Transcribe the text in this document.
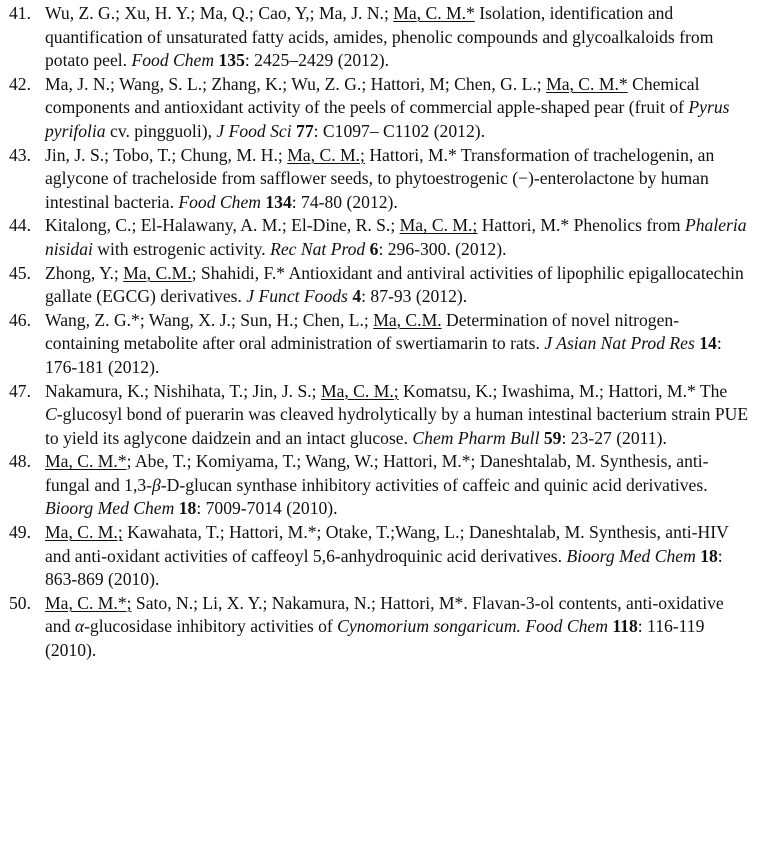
41. Wu, Z. G.; Xu, H. Y.; Ma, Q.; Cao, Y,; Ma, J. N.; Ma, C. M.* Isolation, identification and quantification of unsaturated fatty acids, amides, phenolic compounds and glycoalkaloids from potato peel. Food Chem 135: 2425–2429 (2012).

42. Ma, J. N.; Wang, S. L.; Zhang, K.; Wu, Z. G.; Hattori, M; Chen, G. L.; Ma, C. M.* Chemical components and antioxidant activity of the peels of commercial apple-shaped pear (fruit of Pyrus pyrifolia cv. pingguoli), J Food Sci 77: C1097– C1102 (2012).

43. Jin, J. S.; Tobo, T.; Chung, M. H.; Ma, C. M.; Hattori, M.* Transformation of trachelogenin, an aglycone of tracheloside from safflower seeds, to phytoestrogenic (−)-enterolactone by human intestinal bacteria. Food Chem 134: 74-80 (2012).

44. Kitalong, C.; El-Halawany, A. M.; El-Dine, R. S.; Ma, C. M.; Hattori, M.* Phenolics from Phaleria nisidai with estrogenic activity. Rec Nat Prod 6: 296-300. (2012).

45. Zhong, Y.; Ma, C.M.; Shahidi, F.* Antioxidant and antiviral activities of lipophilic epigallocatechin gallate (EGCG) derivatives. J Funct Foods 4: 87-93 (2012).

46. Wang, Z. G.*; Wang, X. J.; Sun, H.; Chen, L.; Ma, C.M. Determination of novel nitrogen-containing metabolite after oral administration of swertiamarin to rats. J Asian Nat Prod Res 14: 176-181 (2012).

47. Nakamura, K.; Nishihata, T.; Jin, J. S.; Ma, C. M.; Komatsu, K.; Iwashima, M.; Hattori, M.* The C-glucosyl bond of puerarin was cleaved hydrolytically by a human intestinal bacterium strain PUE to yield its aglycone daidzein and an intact glucose. Chem Pharm Bull 59: 23-27 (2011).

48. Ma, C. M.*; Abe, T.; Komiyama, T.; Wang, W.; Hattori, M.*; Daneshtalab, M. Synthesis, anti-fungal and 1,3-β-D-glucan synthase inhibitory activities of caffeic and quinic acid derivatives. Bioorg Med Chem 18: 7009-7014 (2010).

49. Ma, C. M.; Kawahata, T.; Hattori, M.*; Otake, T.;Wang, L.; Daneshtalab, M. Synthesis, anti-HIV and anti-oxidant activities of caffeoyl 5,6-anhydroquinic acid derivatives. Bioorg Med Chem 18: 863-869 (2010).

50. Ma, C. M.*; Sato, N.; Li, X. Y.; Nakamura, N.; Hattori, M*. Flavan-3-ol contents, anti-oxidative and α-glucosidase inhibitory activities of Cynomorium songaricum. Food Chem 118: 116-119 (2010).
